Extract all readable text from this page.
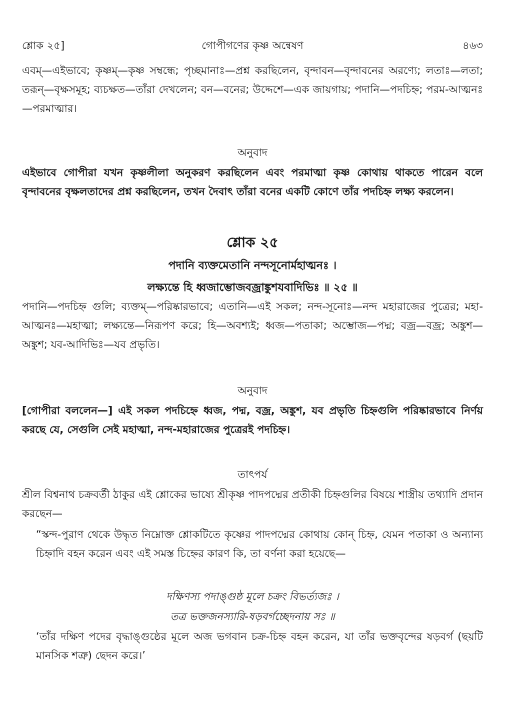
শ্লোক ২৫]	গোপীগণের কৃষ্ণ অন্বেষণ	৪৬৩

এবম্—এইভাবে; কৃষ্ণম্—কৃষ্ণ সম্বন্ধে; পৃচ্ছমানাঃ—প্রশ্ন করছিলেন, বৃন্দাবন—বৃন্দাবনের অরণ্যে; লতাঃ—লতা; তরূন্—বৃক্ষসমূহ; ব্যচক্ষত—তাঁরা দেখলেন; বন—বনের; উদ্দেশে—এক জায়গায়; পদানি—পদচিহ্ন; পরম-আত্মনঃ—পরমাত্মার।

অনুবাদ

এইভাবে গোপীরা যখন কৃষ্ণলীলা অনুকরণ করছিলেন এবং পরমাত্মা কৃষ্ণ কোথায় থাকতে পারেন বলে বৃন্দাবনের বৃক্ষলতাদের প্রশ্ন করছিলেন, তখন দৈবাৎ তাঁরা বনের একটি কোণে তাঁর পদচিহ্ন লক্ষ্য করলেন।

শ্লোক ২৫
পদানি ব্যক্তমেতানি নন্দসূনোর্মহাত্মনঃ ।
লক্ষ্যন্তে হি ধ্বজাম্ভোজবজ্রাঙ্কুশযবাদিভিঃ ॥ ২৫ ॥

পদানি—পদচিহ্ন গুলি; ব্যক্তম্—পরিষ্কারভাবে; এতানি—এই সকল; নন্দ-সূনোঃ—নন্দ মহারাজের পুত্রের; মহা-আত্মনঃ—মহাত্মা; লক্ষ্যন্তে—নিরূপণ করে; হি—অবশ্যই; ধ্বজ—পতাকা; অম্ভোজ—পদ্ম; বজ্র—বজ্র; অঙ্কুশ—অঙ্কুশ; যব-আদিভিঃ—যব প্রভৃতি।

অনুবাদ

[গোপীরা বললেন—] এই সকল পদচিহ্নে ধ্বজ, পদ্ম, বজ্র, অঙ্কুশ, যব প্রভৃতি চিহ্নগুলি পরিষ্কারভাবে নির্ণয় করছে যে, সেগুলি সেই মহাত্মা, নন্দ-মহারাজের পুত্রেরই পদচিহ্ন।

তাৎপর্য

শ্রীল বিশ্বনাথ চক্রবর্তী ঠাকুর এই শ্লোকের ভাষ্যে শ্রীকৃষ্ণ পাদপদ্মের প্রতীকী চিহ্নগুলির বিষয়ে শাস্ত্রীয় তথ্যাদি প্রদান করছেন—

“স্কন্দ-পুরাণ থেকে উদ্ধৃত নিম্নোক্ত শ্লোকটিতে কৃষ্ণের পাদপদ্মের কোথায় কোন্ চিহ্ন, যেমন পতাকা ও অন্যান্য চিহ্নাদি বহন করেন এবং এই সমস্ত চিহ্নের কারণ কি, তা বর্ণনা করা হয়েছে—

দক্ষিণস্য পদাঙ্গুষ্ঠ মূলে চক্রং বিভর্ত্যজঃ ।
তত্র ভক্তজনস্যারি-ষড়বর্গচ্ছেদনায় সঃ ॥

‘তাঁর দক্ষিণ পদের বৃদ্ধাঙ্গুষ্ঠের মূলে অজ ভগবান চক্র-চিহ্ন বহন করেন, যা তাঁর ভক্তবৃন্দের ষড়বর্গ (ছয়টি মানসিক শত্রু) ছেদন করে।’
